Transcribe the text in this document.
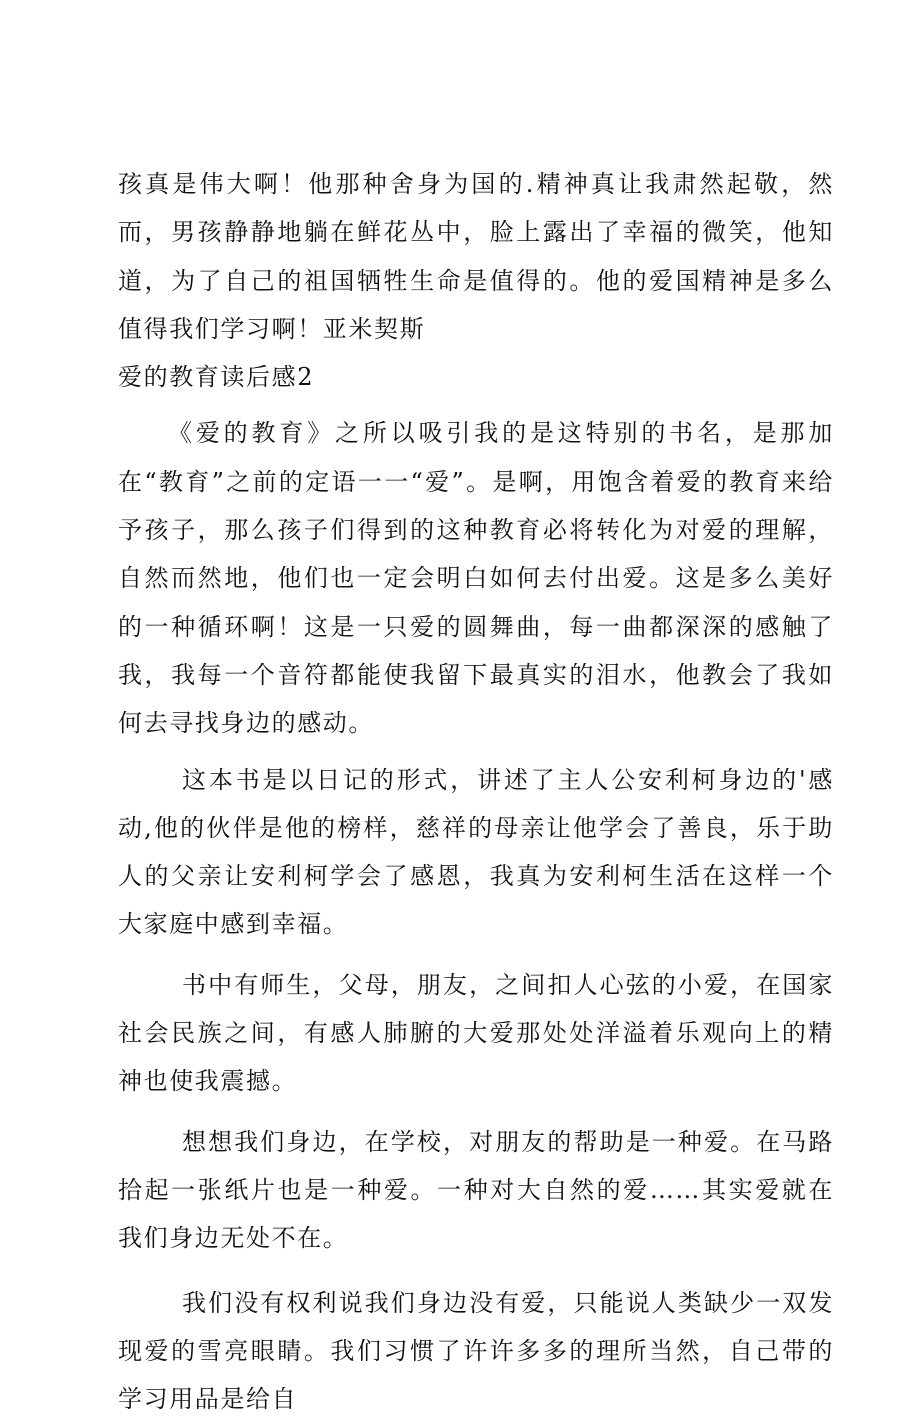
孩真是伟大啊！他那种舍身为国的.精神真让我肃然起敬，然而，男孩静静地躺在鲜花丛中，脸上露出了幸福的微笑，他知道，为了自己的祖国牺牲生命是值得的。他的爱国精神是多么值得我们学习啊！亚米契斯

爱的教育读后感2

《爱的教育》之所以吸引我的是这特别的书名，是那加在“教育”之前的定语一一“爱”。是啊，用饱含着爱的教育来给予孩子，那么孩子们得到的这种教育必将转化为对爱的理解，自然而然地，他们也一定会明白如何去付出爱。这是多么美好的一种循环啊！这是一只爱的圆舞曲，每一曲都深深的感触了我，我每一个音符都能使我留下最真实的泪水，他教会了我如何去寻找身边的感动。

这本书是以日记的形式，讲述了主人公安利柯身边的'感动,他的伙伴是他的榜样，慈祥的母亲让他学会了善良，乐于助人的父亲让安利柯学会了感恩，我真为安利柯生活在这样一个大家庭中感到幸福。

书中有师生，父母，朋友，之间扣人心弦的小爱，在国家社会民族之间，有感人肺腑的大爱那处处洋溢着乐观向上的精神也使我震撼。

想想我们身边，在学校，对朋友的帮助是一种爱。在马路拾起一张纸片也是一种爱。一种对大自然的爱……其实爱就在我们身边无处不在。

我们没有权利说我们身边没有爱，只能说人类缺少一双发现爱的雪亮眼睛。我们习惯了许许多多的理所当然，自己带的学习用品是给自
